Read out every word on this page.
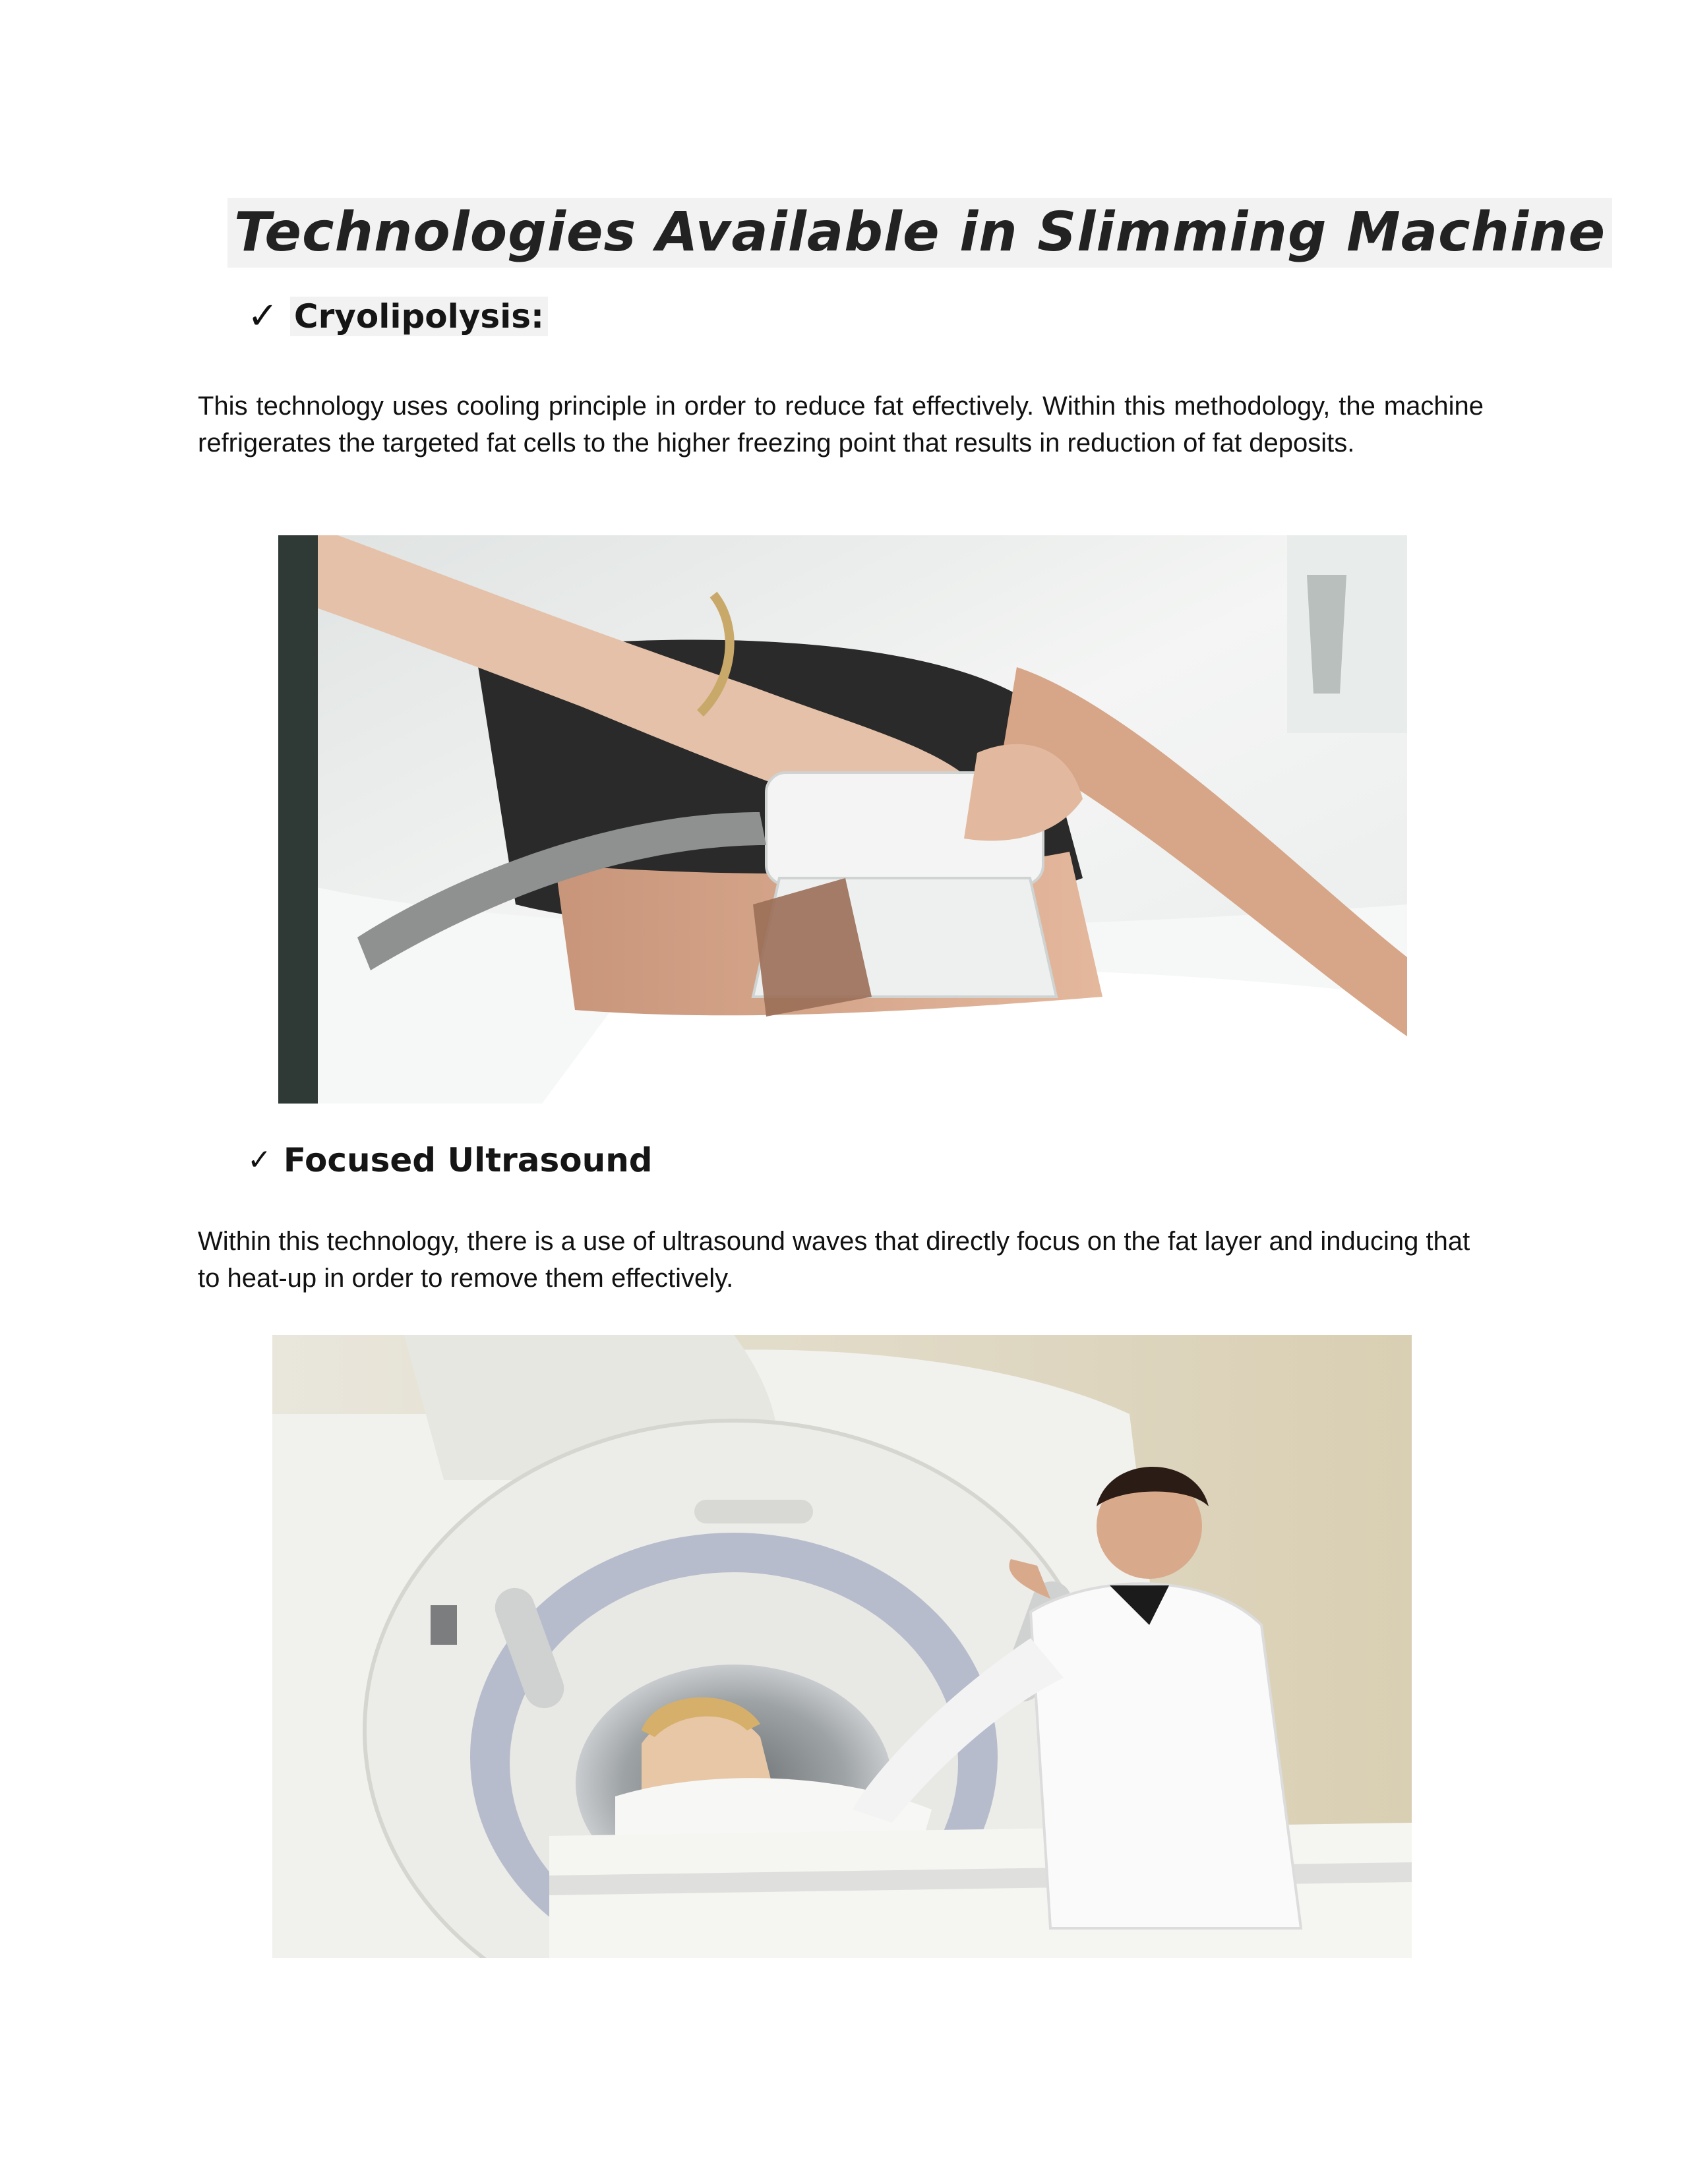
Technologies Available in Slimming Machine
✓ Cryolipolysis:

This technology uses cooling principle in order to reduce fat effectively. Within this methodology, the machine refrigerates the targeted fat cells to the higher freezing point that results in reduction of fat deposits.

✓ Focused Ultrasound

Within this technology, there is a use of ultrasound waves that directly focus on the fat layer and inducing that to heat-up in order to remove them effectively.
